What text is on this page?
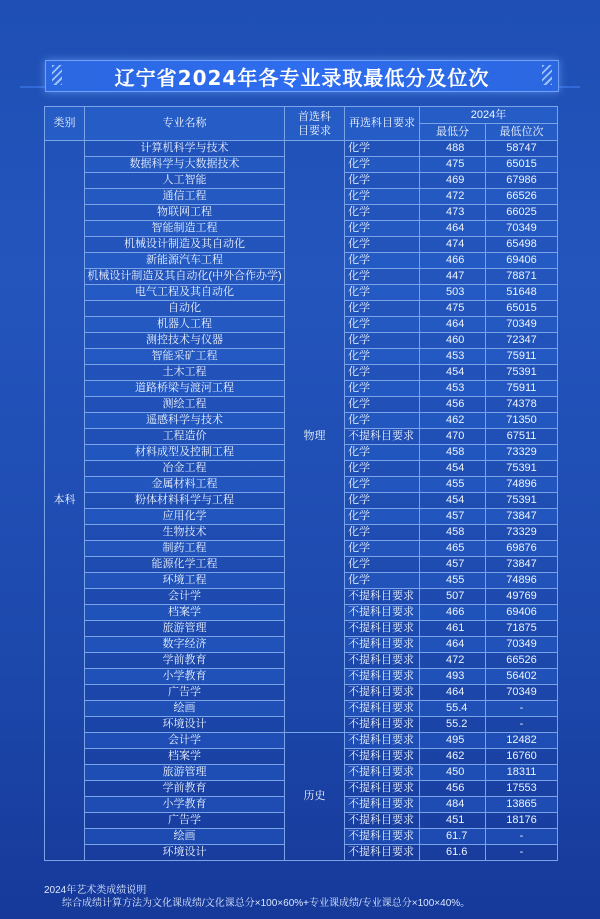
辽宁省2024年各专业录取最低分及位次
类别	专业名称	首选科目要求	再选科目要求	2024年	
				最低分	最低位次
本科	计算机科学与技术	物理	化学	488	58747
	数据科学与大数据技术		化学	475	65015
	人工智能		化学	469	67986
	通信工程		化学	472	66526
	物联网工程		化学	473	66025
	智能制造工程		化学	464	70349
	机械设计制造及其自动化		化学	474	65498
	新能源汽车工程		化学	466	69406
	机械设计制造及其自动化(中外合作办学)		化学	447	78871
	电气工程及其自动化		化学	503	51648
	自动化		化学	475	65015
	机器人工程		化学	464	70349
	测控技术与仪器		化学	460	72347
	智能采矿工程		化学	453	75911
	土木工程		化学	454	75391
	道路桥梁与渡河工程		化学	453	75911
	测绘工程		化学	456	74378
	遥感科学与技术		化学	462	71350
	工程造价		不提科目要求	470	67511
	材料成型及控制工程		化学	458	73329
	冶金工程		化学	454	75391
	金属材料工程		化学	455	74896
	粉体材料科学与工程		化学	454	75391
	应用化学		化学	457	73847
	生物技术		化学	458	73329
	制药工程		化学	465	69876
	能源化学工程		化学	457	73847
	环境工程		化学	455	74896
	会计学		不提科目要求	507	49769
	档案学		不提科目要求	466	69406
	旅游管理		不提科目要求	461	71875
	数字经济		不提科目要求	464	70349
	学前教育		不提科目要求	472	66526
	小学教育		不提科目要求	493	56402
	广告学		不提科目要求	464	70349
	绘画		不提科目要求	55.4	-
	环境设计		不提科目要求	55.2	-
	会计学	历史	不提科目要求	495	12482
	档案学		不提科目要求	462	16760
	旅游管理		不提科目要求	450	18311
	学前教育		不提科目要求	456	17553
	小学教育		不提科目要求	484	13865
	广告学		不提科目要求	451	18176
	绘画		不提科目要求	61.7	-
	环境设计		不提科目要求	61.6	-
2024年艺术类成绩说明
综合成绩计算方法为文化课成绩/文化课总分×100×60%+专业课成绩/专业课总分×100×40%。
